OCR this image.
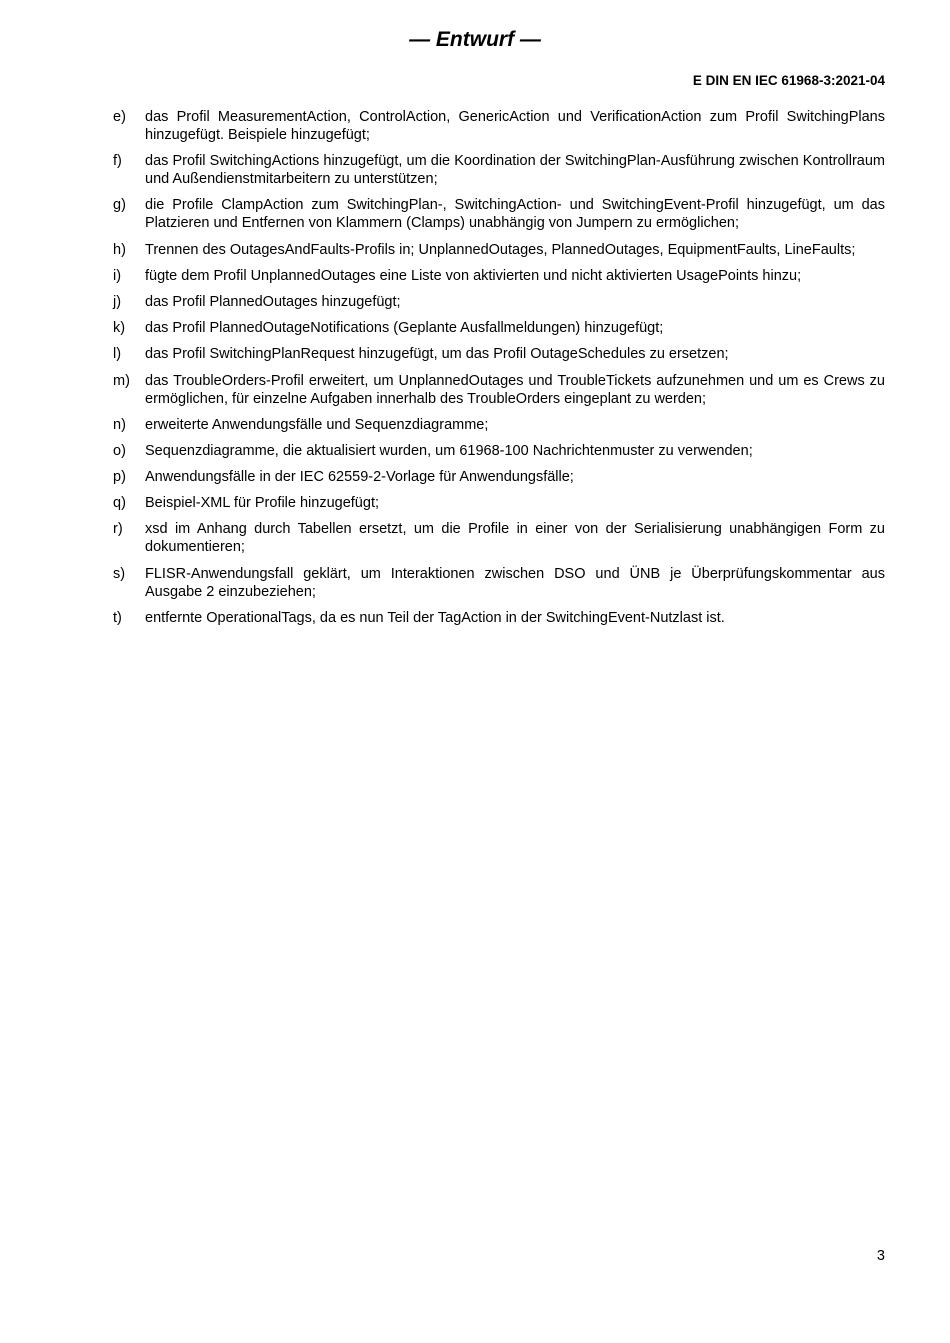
— Entwurf —
E DIN EN IEC 61968-3:2021-04
e)	das Profil MeasurementAction, ControlAction, GenericAction und VerificationAction zum Profil SwitchingPlans hinzugefügt. Beispiele hinzugefügt;
f)	das Profil SwitchingActions hinzugefügt, um die Koordination der SwitchingPlan-Ausführung zwischen Kontrollraum und Außendienstmitarbeitern zu unterstützen;
g)	die Profile ClampAction zum SwitchingPlan-, SwitchingAction- und SwitchingEvent-Profil hinzugefügt, um das Platzieren und Entfernen von Klammern (Clamps) unabhängig von Jumpern zu ermöglichen;
h)	Trennen des OutagesAndFaults-Profils in; UnplannedOutages, PlannedOutages, EquipmentFaults, LineFaults;
i)	fügte dem Profil UnplannedOutages eine Liste von aktivierten und nicht aktivierten UsagePoints hinzu;
j)	das Profil PlannedOutages hinzugefügt;
k)	das Profil PlannedOutageNotifications (Geplante Ausfallmeldungen) hinzugefügt;
l)	das Profil SwitchingPlanRequest hinzugefügt, um das Profil OutageSchedules zu ersetzen;
m)	das TroubleOrders-Profil erweitert, um UnplannedOutages und TroubleTickets aufzunehmen und um es Crews zu ermöglichen, für einzelne Aufgaben innerhalb des TroubleOrders eingeplant zu werden;
n)	erweiterte Anwendungsfälle und Sequenzdiagramme;
o)	Sequenzdiagramme, die aktualisiert wurden, um 61968-100 Nachrichtenmuster zu verwenden;
p)	Anwendungsfälle in der IEC 62559-2-Vorlage für Anwendungsfälle;
q)	Beispiel-XML für Profile hinzugefügt;
r)	xsd im Anhang durch Tabellen ersetzt, um die Profile in einer von der Serialisierung unabhängigen Form zu dokumentieren;
s)	FLISR-Anwendungsfall geklärt, um Interaktionen zwischen DSO und ÜNB je Überprüfungskommentar aus Ausgabe 2 einzubeziehen;
t)	entfernte OperationalTags, da es nun Teil der TagAction in der SwitchingEvent-Nutzlast ist.
3
